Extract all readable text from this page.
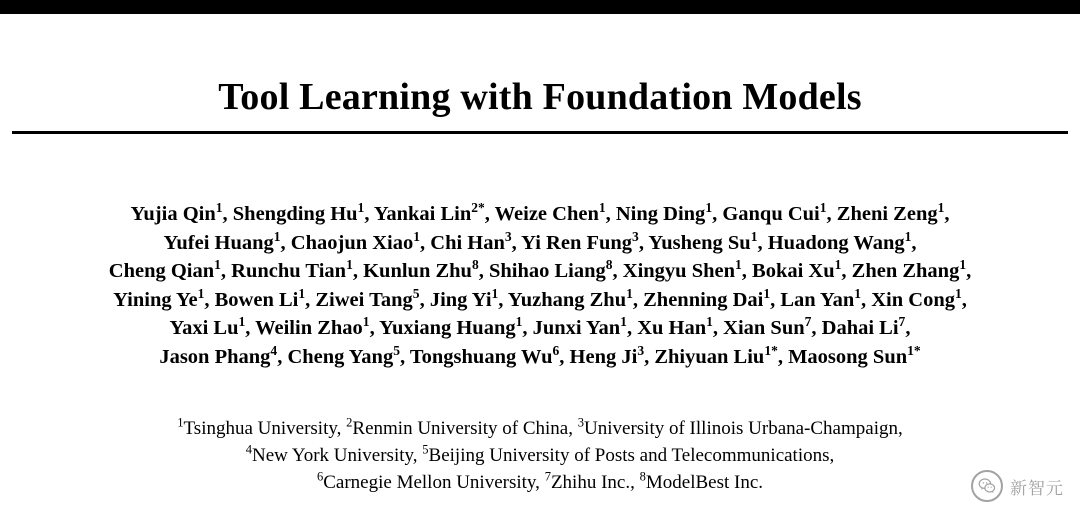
Tool Learning with Foundation Models
Yujia Qin$^1$, Shengding Hu$^1$, Yankai Lin$^{2*}$, Weize Chen$^1$, Ning Ding$^1$, Ganqu Cui$^1$, Zheni Zeng$^1$,
Yufei Huang$^1$, Chaojun Xiao$^1$, Chi Han$^3$, Yi Ren Fung$^3$, Yusheng Su$^1$, Huadong Wang$^1$,
Cheng Qian$^1$, Runchu Tian$^1$, Kunlun Zhu$^8$, Shihao Liang$^8$, Xingyu Shen$^1$, Bokai Xu$^1$, Zhen Zhang$^1$,
Yining Ye$^1$, Bowen Li$^1$, Ziwei Tang$^5$, Jing Yi$^1$, Yuzhang Zhu$^1$, Zhenning Dai$^1$, Lan Yan$^1$, Xin Cong$^1$,
Yaxi Lu$^1$, Weilin Zhao$^1$, Yuxiang Huang$^1$, Junxi Yan$^1$, Xu Han$^1$, Xian Sun$^7$, Dahai Li$^7$,
Jason Phang$^4$, Cheng Yang$^5$, Tongshuang Wu$^6$, Heng Ji$^3$, Zhiyuan Liu$^{1*}$, Maosong Sun$^{1*}$
$^1$Tsinghua University, $^2$Renmin University of China, $^3$University of Illinois Urbana-Champaign,
$^4$New York University, $^5$Beijing University of Posts and Telecommunications,
$^6$Carnegie Mellon University, $^7$Zhihu Inc., $^8$ModelBest Inc.	新智元
